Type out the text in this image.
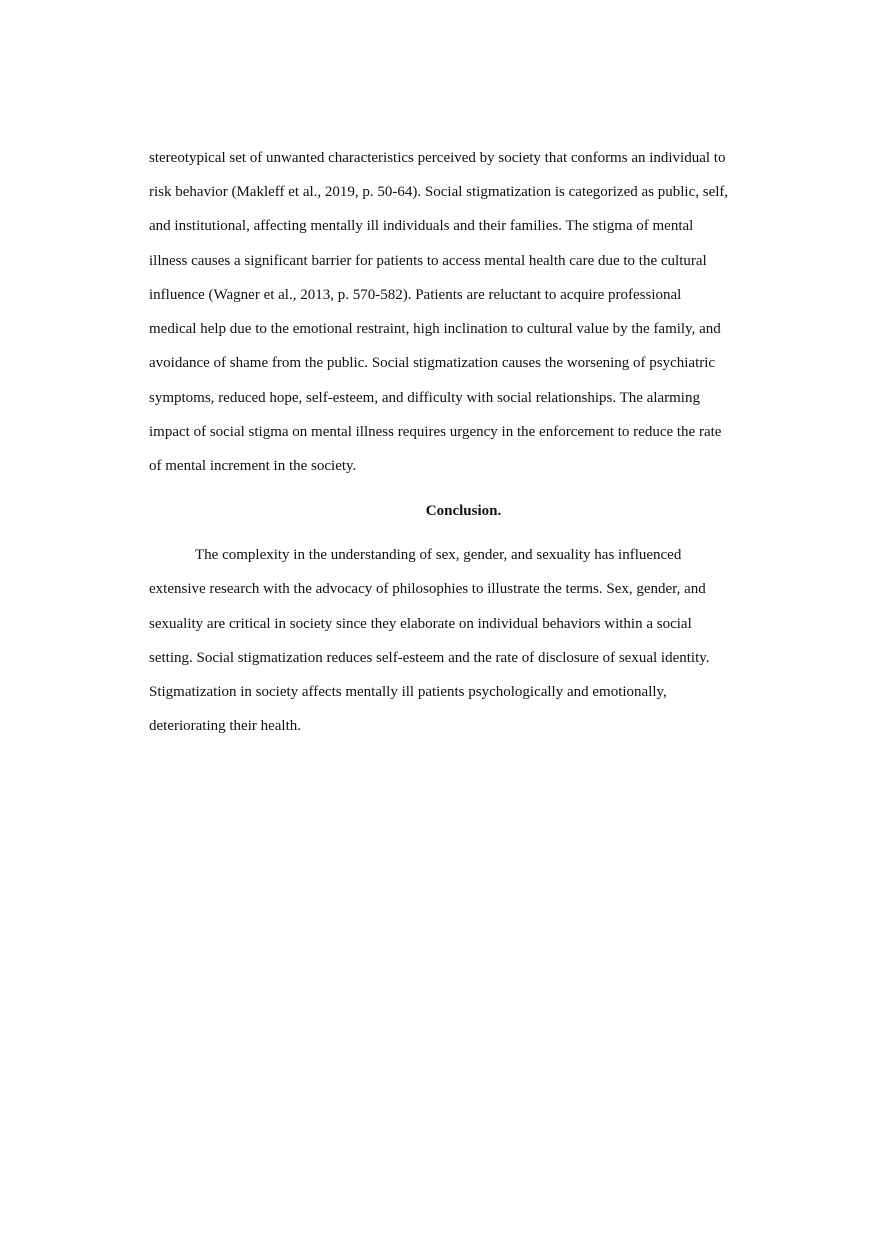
stereotypical set of unwanted characteristics perceived by society that conforms an individual to
risk behavior (Makleff et al., 2019, p. 50-64). Social stigmatization is categorized as public, self,
and institutional, affecting mentally ill individuals and their families. The stigma of mental
illness causes a significant barrier for patients to access mental health care due to the cultural
influence (Wagner et al., 2013, p. 570-582). Patients are reluctant to acquire professional
medical help due to the emotional restraint, high inclination to cultural value by the family, and
avoidance of shame from the public. Social stigmatization causes the worsening of psychiatric
symptoms, reduced hope, self-esteem, and difficulty with social relationships. The alarming
impact of social stigma on mental illness requires urgency in the enforcement to reduce the rate
of mental increment in the society.
Conclusion.
The complexity in the understanding of sex, gender, and sexuality has influenced
extensive research with the advocacy of philosophies to illustrate the terms. Sex, gender, and
sexuality are critical in society since they elaborate on individual behaviors within a social
setting. Social stigmatization reduces self-esteem and the rate of disclosure of sexual identity.
Stigmatization in society affects mentally ill patients psychologically and emotionally,
deteriorating their health.
